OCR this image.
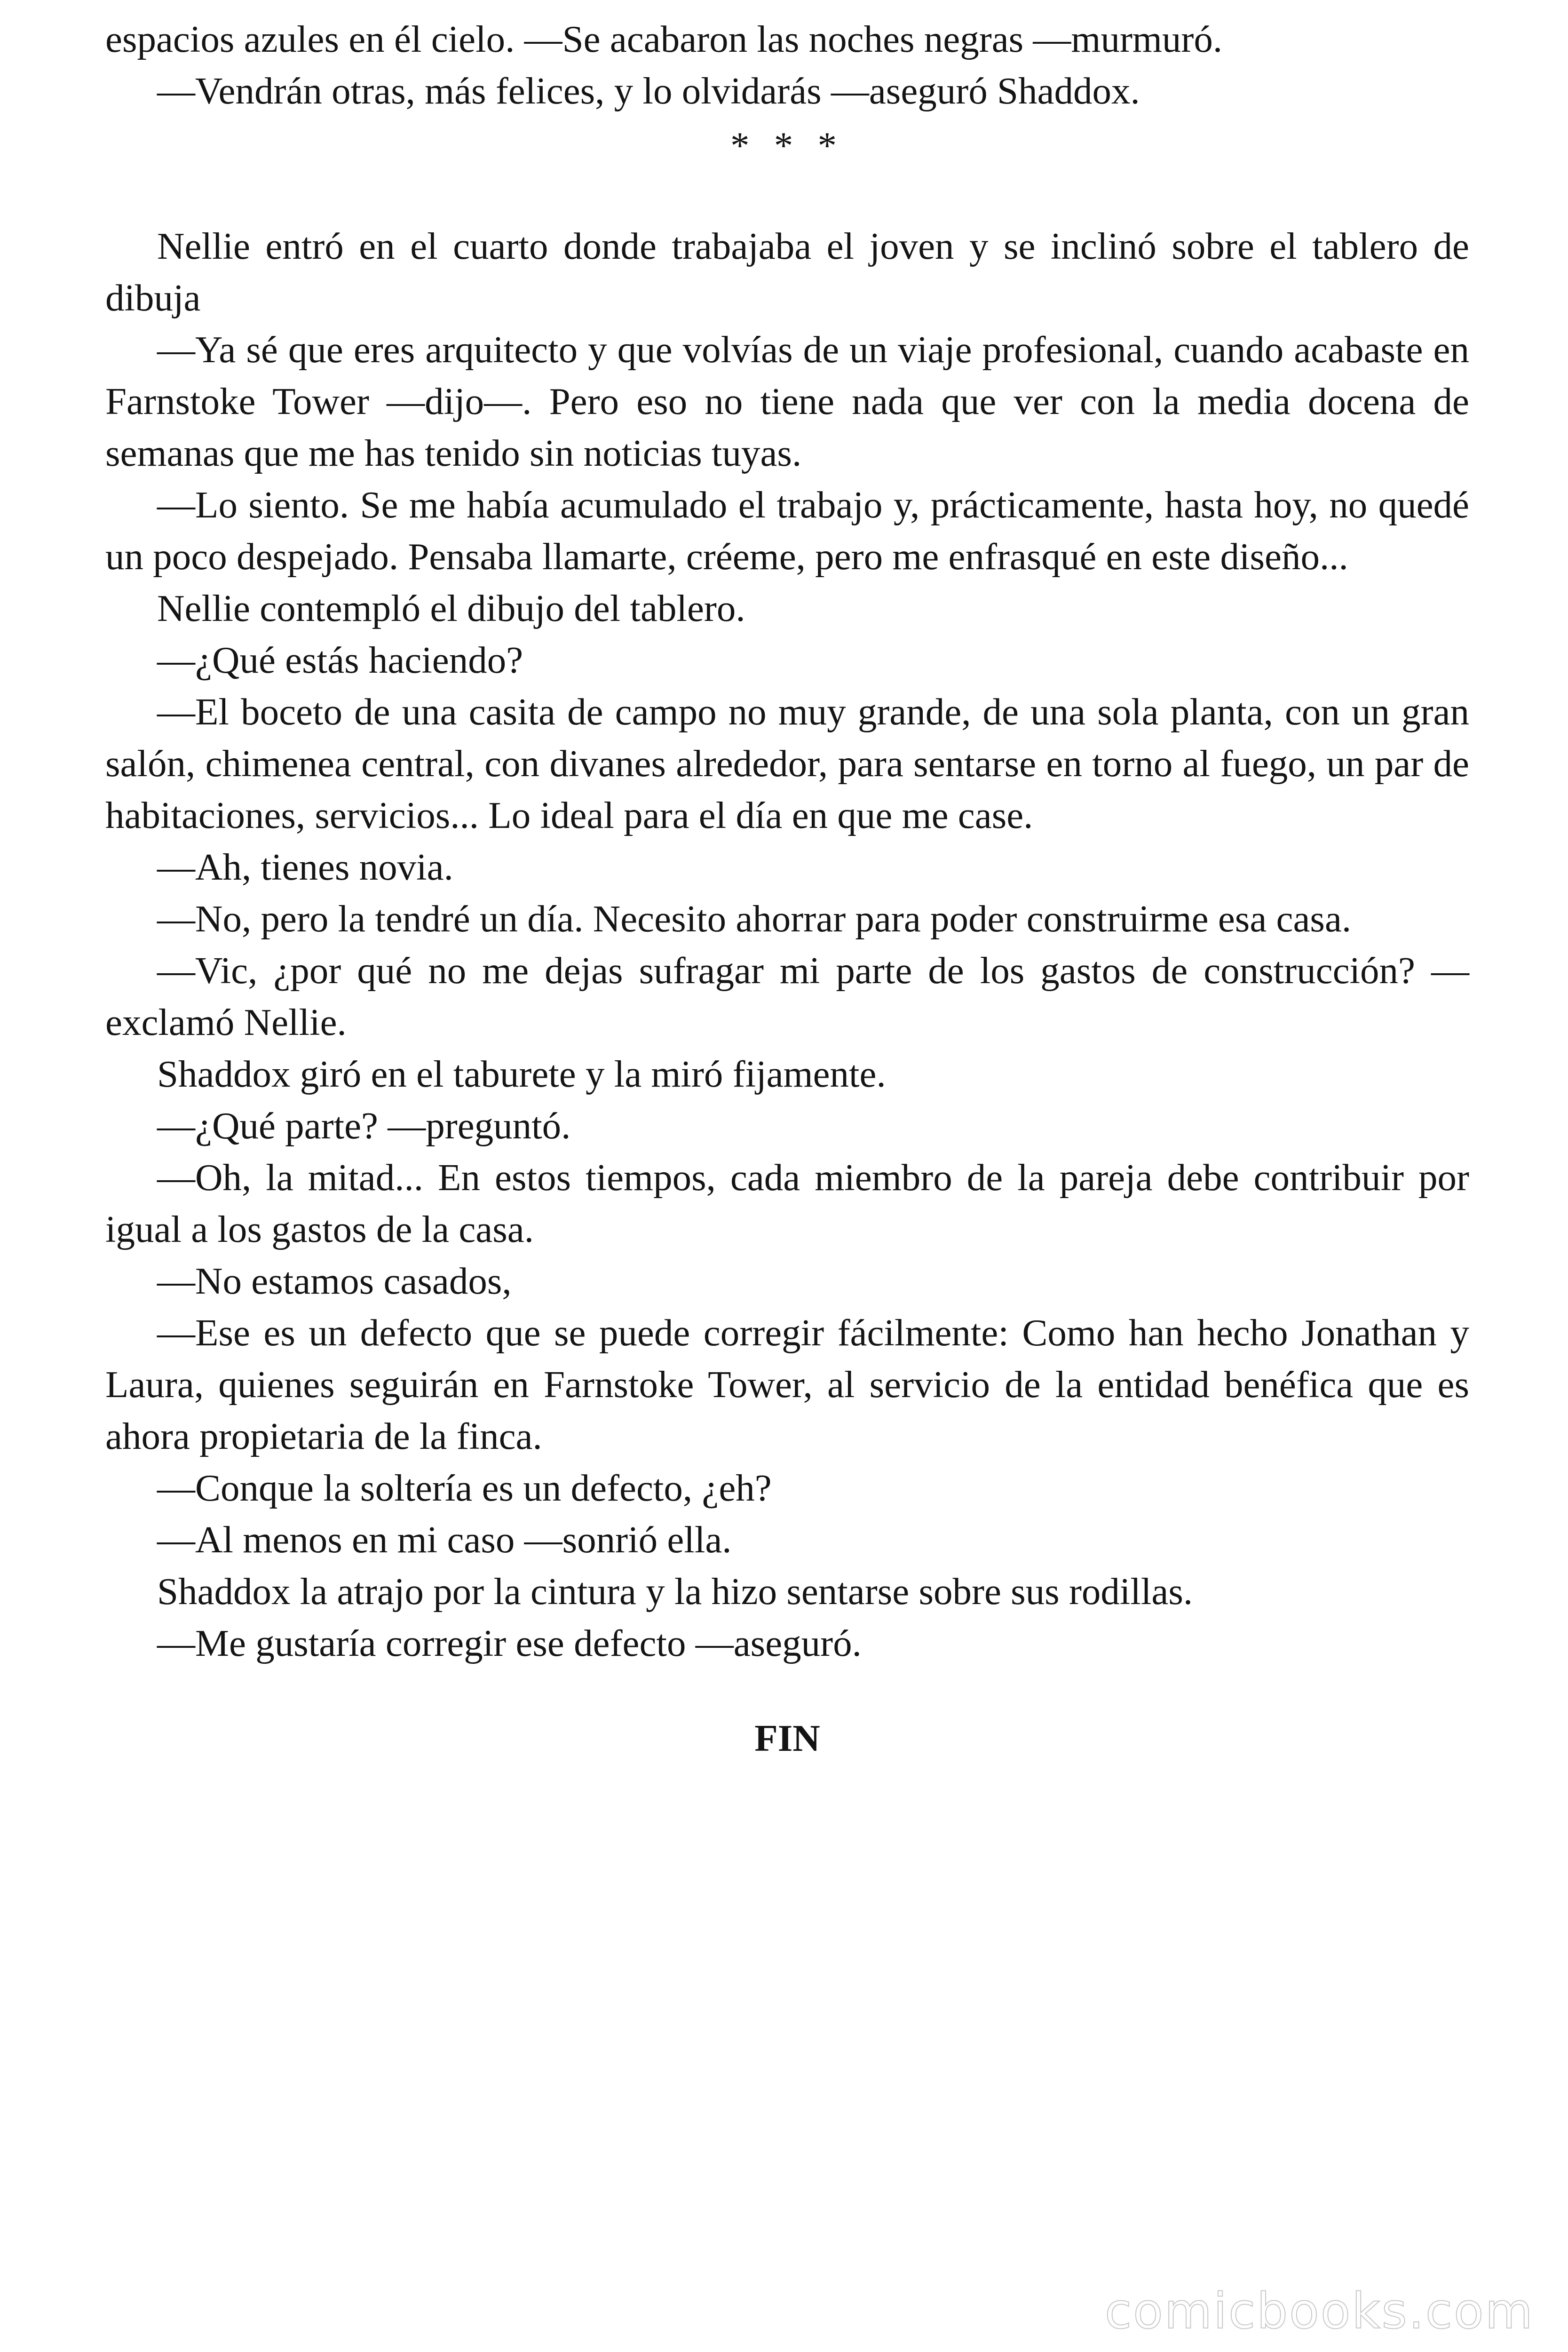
espacios azules en él cielo. —Se acabaron las noches negras —murmuró.

—Vendrán otras, más felices, y lo olvidarás —aseguró Shaddox.

* * *

Nellie entró en el cuarto donde trabajaba el joven y se inclinó sobre el tablero de dibuja

—Ya sé que eres arquitecto y que volvías de un viaje profesional, cuando acabaste en Farnstoke Tower —dijo—. Pero eso no tiene nada que ver con la media docena de semanas que me has tenido sin noticias tuyas.

—Lo siento. Se me había acumulado el trabajo y, prácticamente, hasta hoy, no quedé un poco despejado. Pensaba llamarte, créeme, pero me enfrasqué en este diseño...

Nellie contempló el dibujo del tablero.

—¿Qué estás haciendo?

—El boceto de una casita de campo no muy grande, de una sola planta, con un gran salón, chimenea central, con divanes alrededor, para sentarse en torno al fuego, un par de habitaciones, servicios... Lo ideal para el día en que me case.

—Ah, tienes novia.

—No, pero la tendré un día. Necesito ahorrar para poder construirme esa casa.

—Vic, ¿por qué no me dejas sufragar mi parte de los gastos de construcción? —exclamó Nellie.

Shaddox giró en el taburete y la miró fijamente.

—¿Qué parte? —preguntó.

—Oh, la mitad... En estos tiempos, cada miembro de la pareja debe contribuir por igual a los gastos de la casa.

—No estamos casados,

—Ese es un defecto que se puede corregir fácilmente: Como han hecho Jonathan y Laura, quienes seguirán en Farnstoke Tower, al servicio de la entidad benéfica que es ahora propietaria de la finca.

—Conque la soltería es un defecto, ¿eh?

—Al menos en mi caso —sonrió ella.

Shaddox la atrajo por la cintura y la hizo sentarse sobre sus rodillas.

—Me gustaría corregir ese defecto —aseguró.

FIN

comicbooks.com
